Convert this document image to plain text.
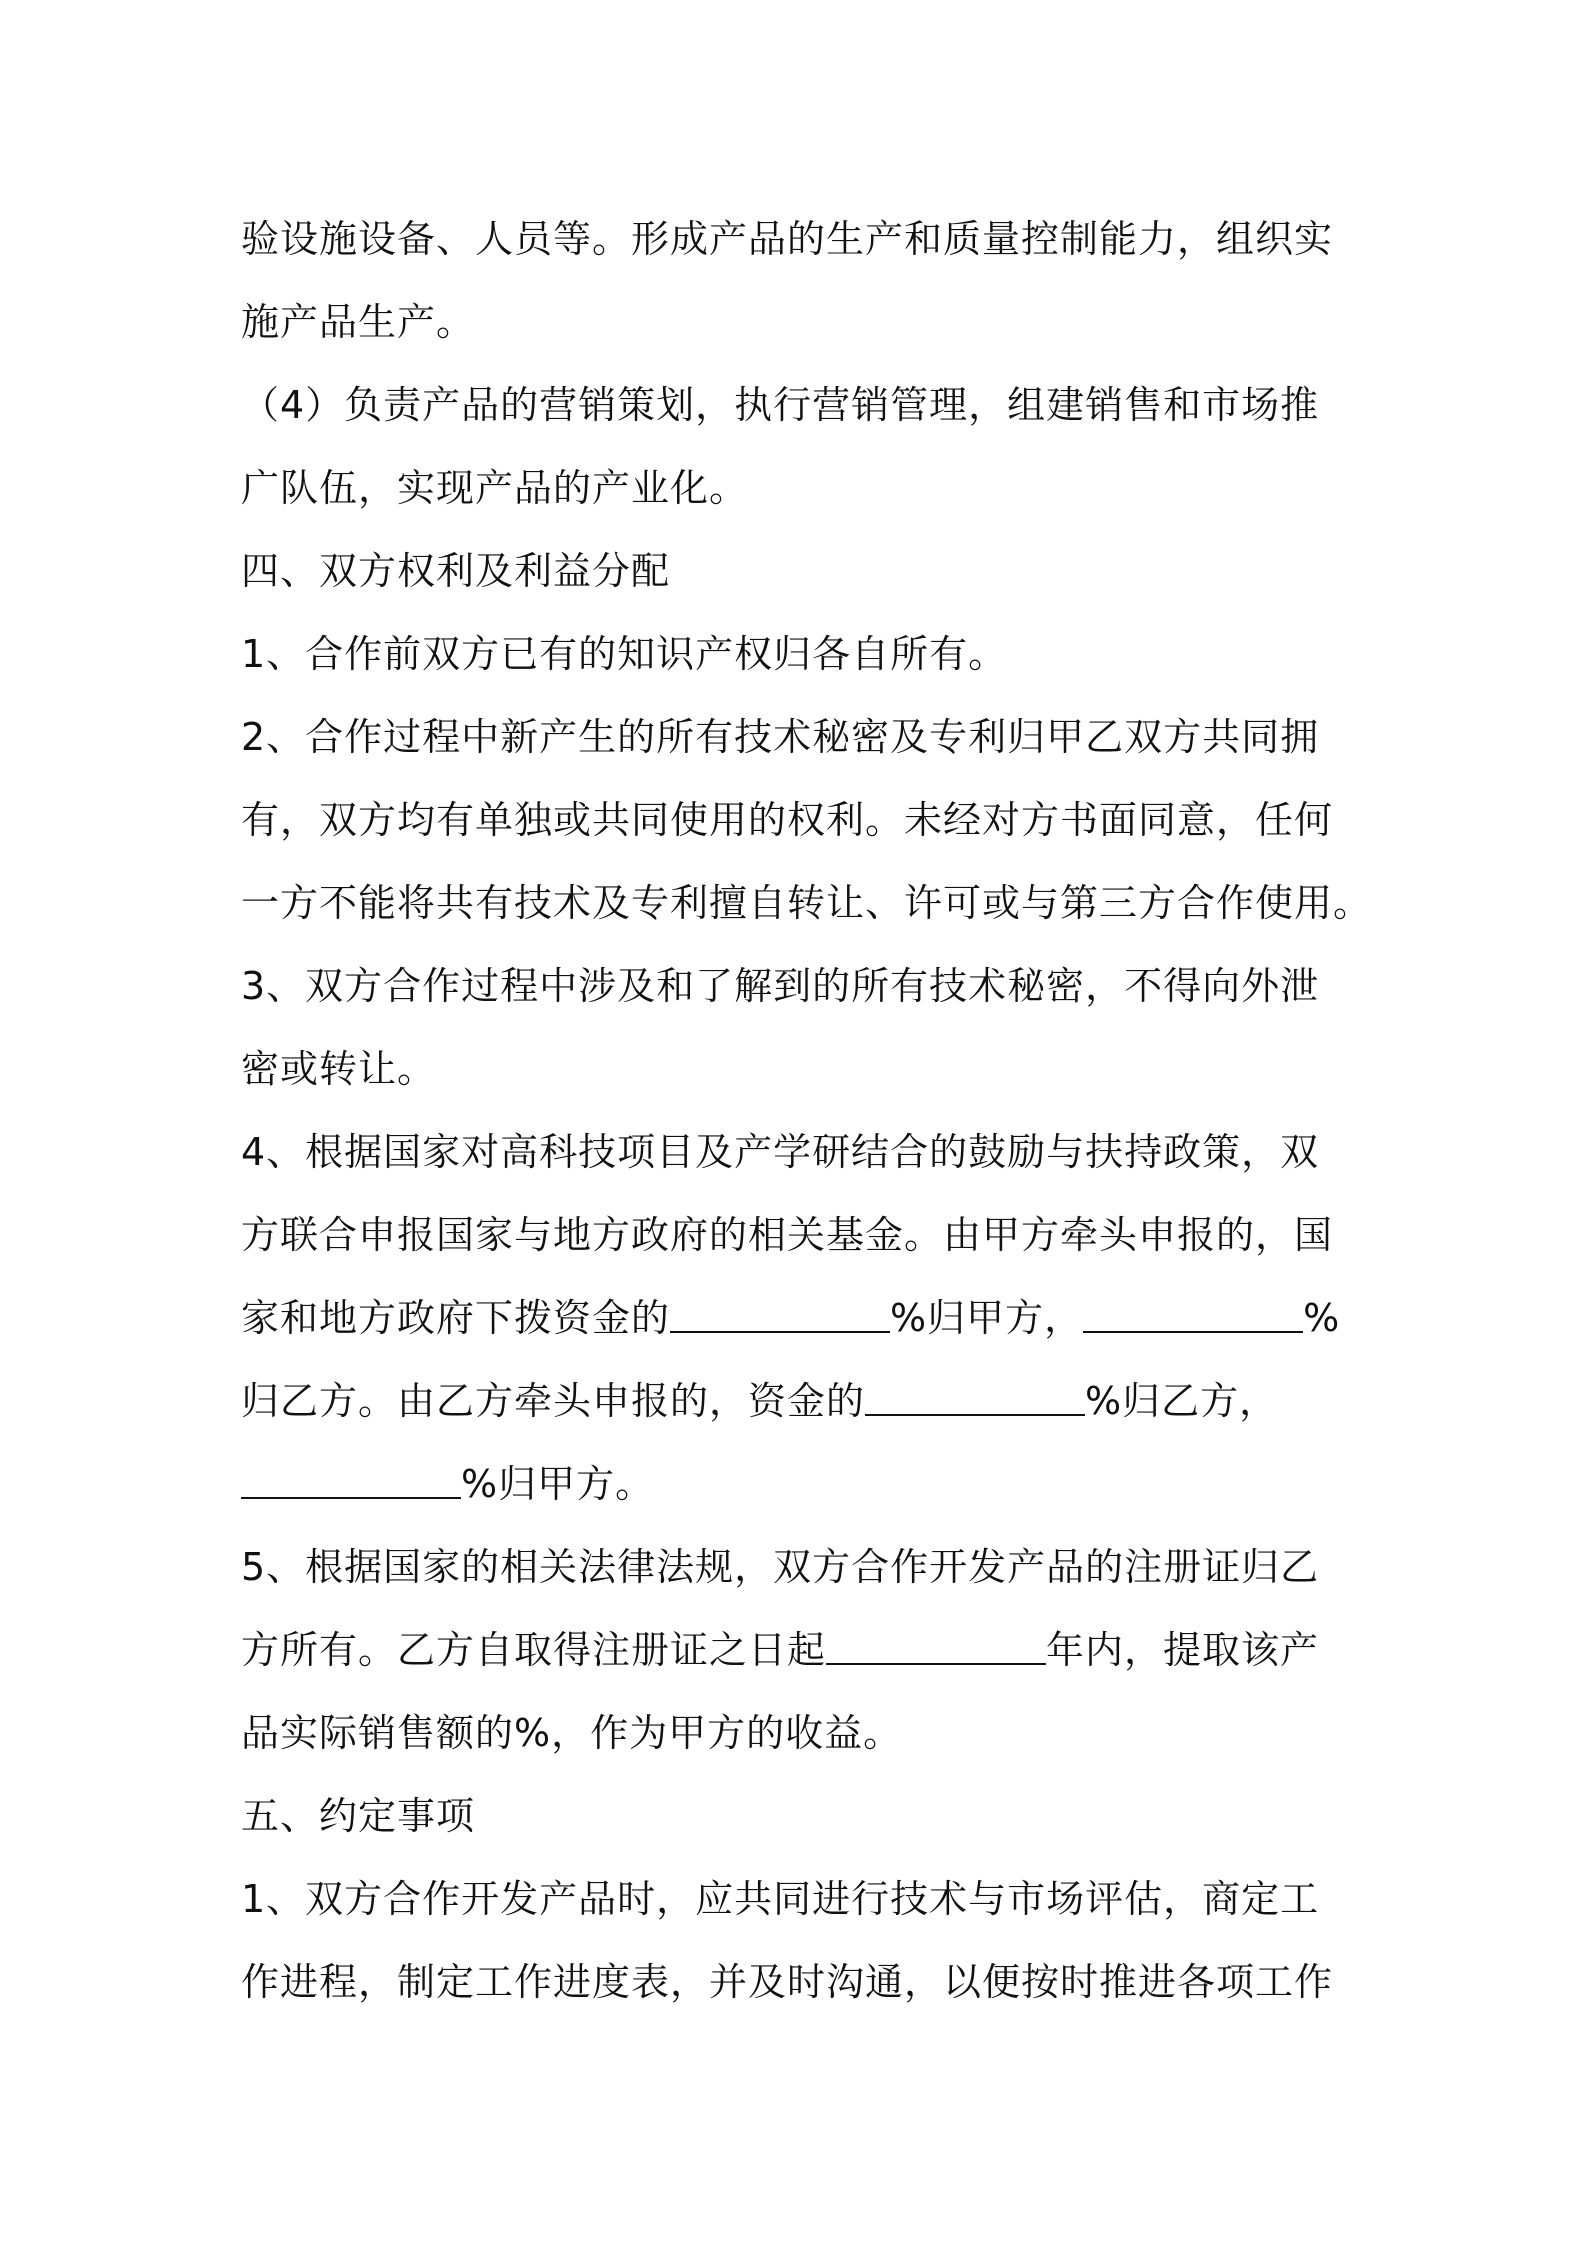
验设施设备、人员等。形成产品的生产和质量控制能力，组织实
施产品生产。
（4）负责产品的营销策划，执行营销管理，组建销售和市场推
广队伍，实现产品的产业化。
四、双方权利及利益分配
1、合作前双方已有的知识产权归各自所有。
2、合作过程中新产生的所有技术秘密及专利归甲乙双方共同拥
有，双方均有单独或共同使用的权利。未经对方书面同意，任何
一方不能将共有技术及专利擅自转让、许可或与第三方合作使用。
3、双方合作过程中涉及和了解到的所有技术秘密，不得向外泄
密或转让。
4、根据国家对高科技项目及产学研结合的鼓励与扶持政策，双
方联合申报国家与地方政府的相关基金。由甲方牵头申报的，国
家和地方政府下拨资金的	%归甲方，	%
归乙方。由乙方牵头申报的，资金的	%归乙方，
%归甲方。
5、根据国家的相关法律法规，双方合作开发产品的注册证归乙
方所有。乙方自取得注册证之日起	年内，提取该产
品实际销售额的%，作为甲方的收益。
五、约定事项
1、双方合作开发产品时，应共同进行技术与市场评估，商定工
作进程，制定工作进度表，并及时沟通，以便按时推进各项工作
